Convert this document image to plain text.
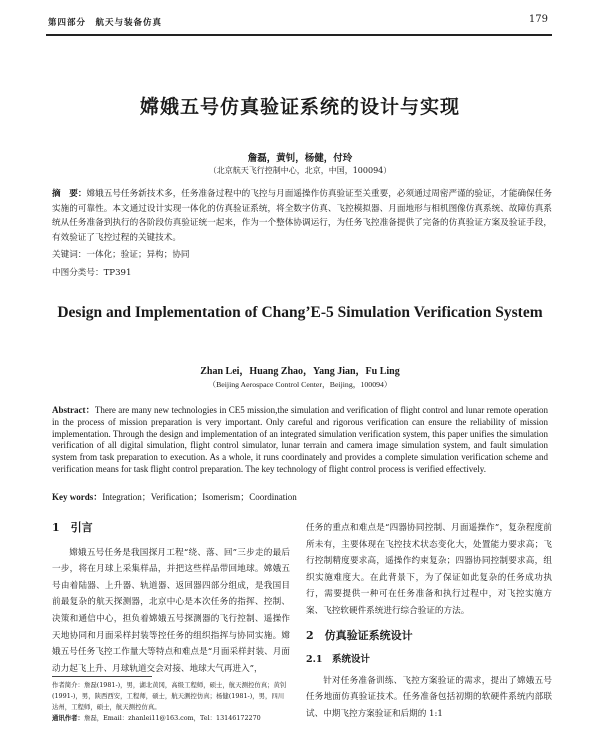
第四部分　航天与装备仿真	179
嫦娥五号仿真验证系统的设计与实现
詹磊，黄钊，杨健，付玲
（北京航天飞行控制中心，北京，中国，100094）
摘　要：嫦娥五号任务新技术多，任务准备过程中的飞控与月面遥操作仿真验证至关重要，必须通过周密严谨的验证，才能确保任务实施的可靠性。本文通过设计实现一体化的仿真验证系统，将全数字仿真、飞控模拟器、月面地形与相机图像仿真系统、故障仿真系统从任务准备到执行的各阶段仿真验证统一起来，作为一个整体协调运行，为任务飞控准备提供了完备的仿真验证方案及验证手段，有效验证了飞控过程的关键技术。
关键词：一体化；验证；异构；协同
中图分类号：TP391
Design and Implementation of Chang’E-5 Simulation Verification System
Zhan Lei，Huang Zhao，Yang Jian，Fu Ling
（Beijing Aerospace Control Center，Beijing，100094）
Abstract：There are many new technologies in CE5 mission,the simulation and verification of flight control and lunar remote operation in the process of mission preparation is very important. Only careful and rigorous verification can ensure the reliability of mission implementation. Through the design and implementation of an integrated simulation verification system, this paper unifies the simulation verification of all digital simulation, flight control simulator, lunar terrain and camera image simulation system, and fault simulation system from task preparation to execution. As a whole, it runs coordinately and provides a complete simulation verification scheme and verification means for task flight control preparation. The key technology of flight control process is verified effectively.
Key words：Integration；Verification；Isomerism；Coordination
1　引言

嫦娥五号任务是我国探月工程“绕、落、回”三步走的最后一步，将在月球上采集样品，并把这些样品带回地球。嫦娥五号由着陆器、上升器、轨道器、返回器四部分组成，是我国目前最复杂的航天探测器，北京中心是本次任务的指挥、控制、决策和通信中心，担负着嫦娥五号探测器的飞行控制、遥操作天地协同和月面采样封装等控任务的组织指挥与协同实施。嫦娥五号任务飞控工作量大等特点和难点是“月面采样封装、月面动力起飞上升、月球轨道交会对接、地球大气再进入”，

任务的重点和难点是“四器协同控制、月面遥操作”，复杂程度前所未有，主要体现在飞控技术状态变化大，处置能力要求高；飞行控制精度要求高，遥操作约束复杂；四器协同控制要求高，组织实施难度大。在此背景下，为了保证如此复杂的任务成功执行，需要提供一种可在任务准备和执行过程中，对飞控实施方案、飞控软硬件系统进行综合验证的方法。
2　仿真验证系统设计
2.1　系统设计

针对任务准备训练、飞控方案验证的需求，提出了嫦娥五号任务地面仿真验证技术。任务准备包括初期的软硬件系统内部联试、中期飞控方案验证和后期的 1:1

作者简介：詹磊(1981-)，男，湖北黄冈，高级工程师，硕士，航天测控仿真；黄钊(1991-)，男，陕西西安，工程师，硕士，航天测控仿真；杨健(1981-)，男，四川达州，工程师，硕士，航天测控仿真。
通讯作者：詹磊，Email：zhanlei11@163.com，Tel：13146172270
